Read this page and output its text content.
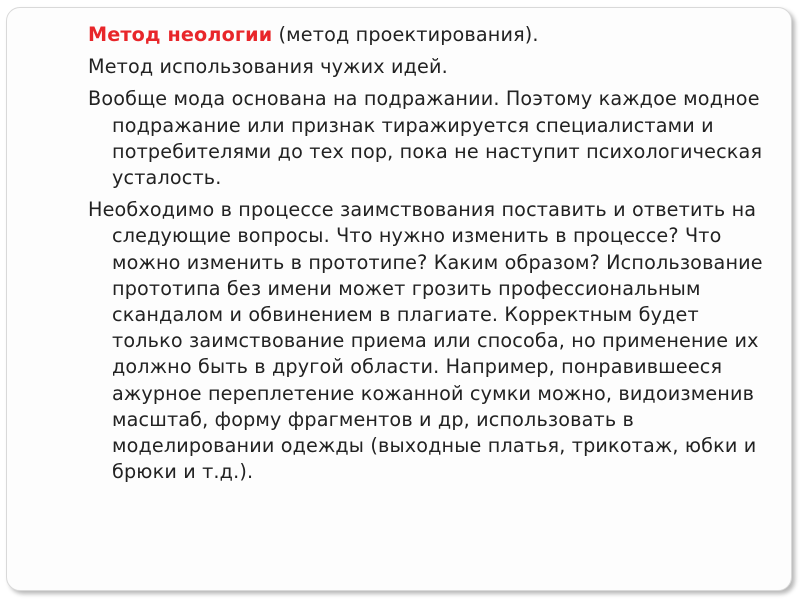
Метод неологии (метод проектирования).

Метод использования чужих идей.

Вообще мода основана на подражании. Поэтому каждое модное подражание или признак тиражируется специалистами и потребителями до тех пор, пока не наступит психологическая усталость.

Необходимо в процессе заимствования поставить и ответить на следующие вопросы. Что нужно изменить в процессе? Что можно изменить в прототипе? Каким образом? Использование прототипа без имени может грозить профессиональным скандалом и обвинением в плагиате. Корректным будет только заимствование приема или способа, но применение их должно быть в другой области. Например, понравившееся ажурное переплетение кожанной сумки можно, видоизменив масштаб, форму фрагментов и др, использовать в моделировании одежды (выходные платья, трикотаж, юбки и брюки и т.д.).
